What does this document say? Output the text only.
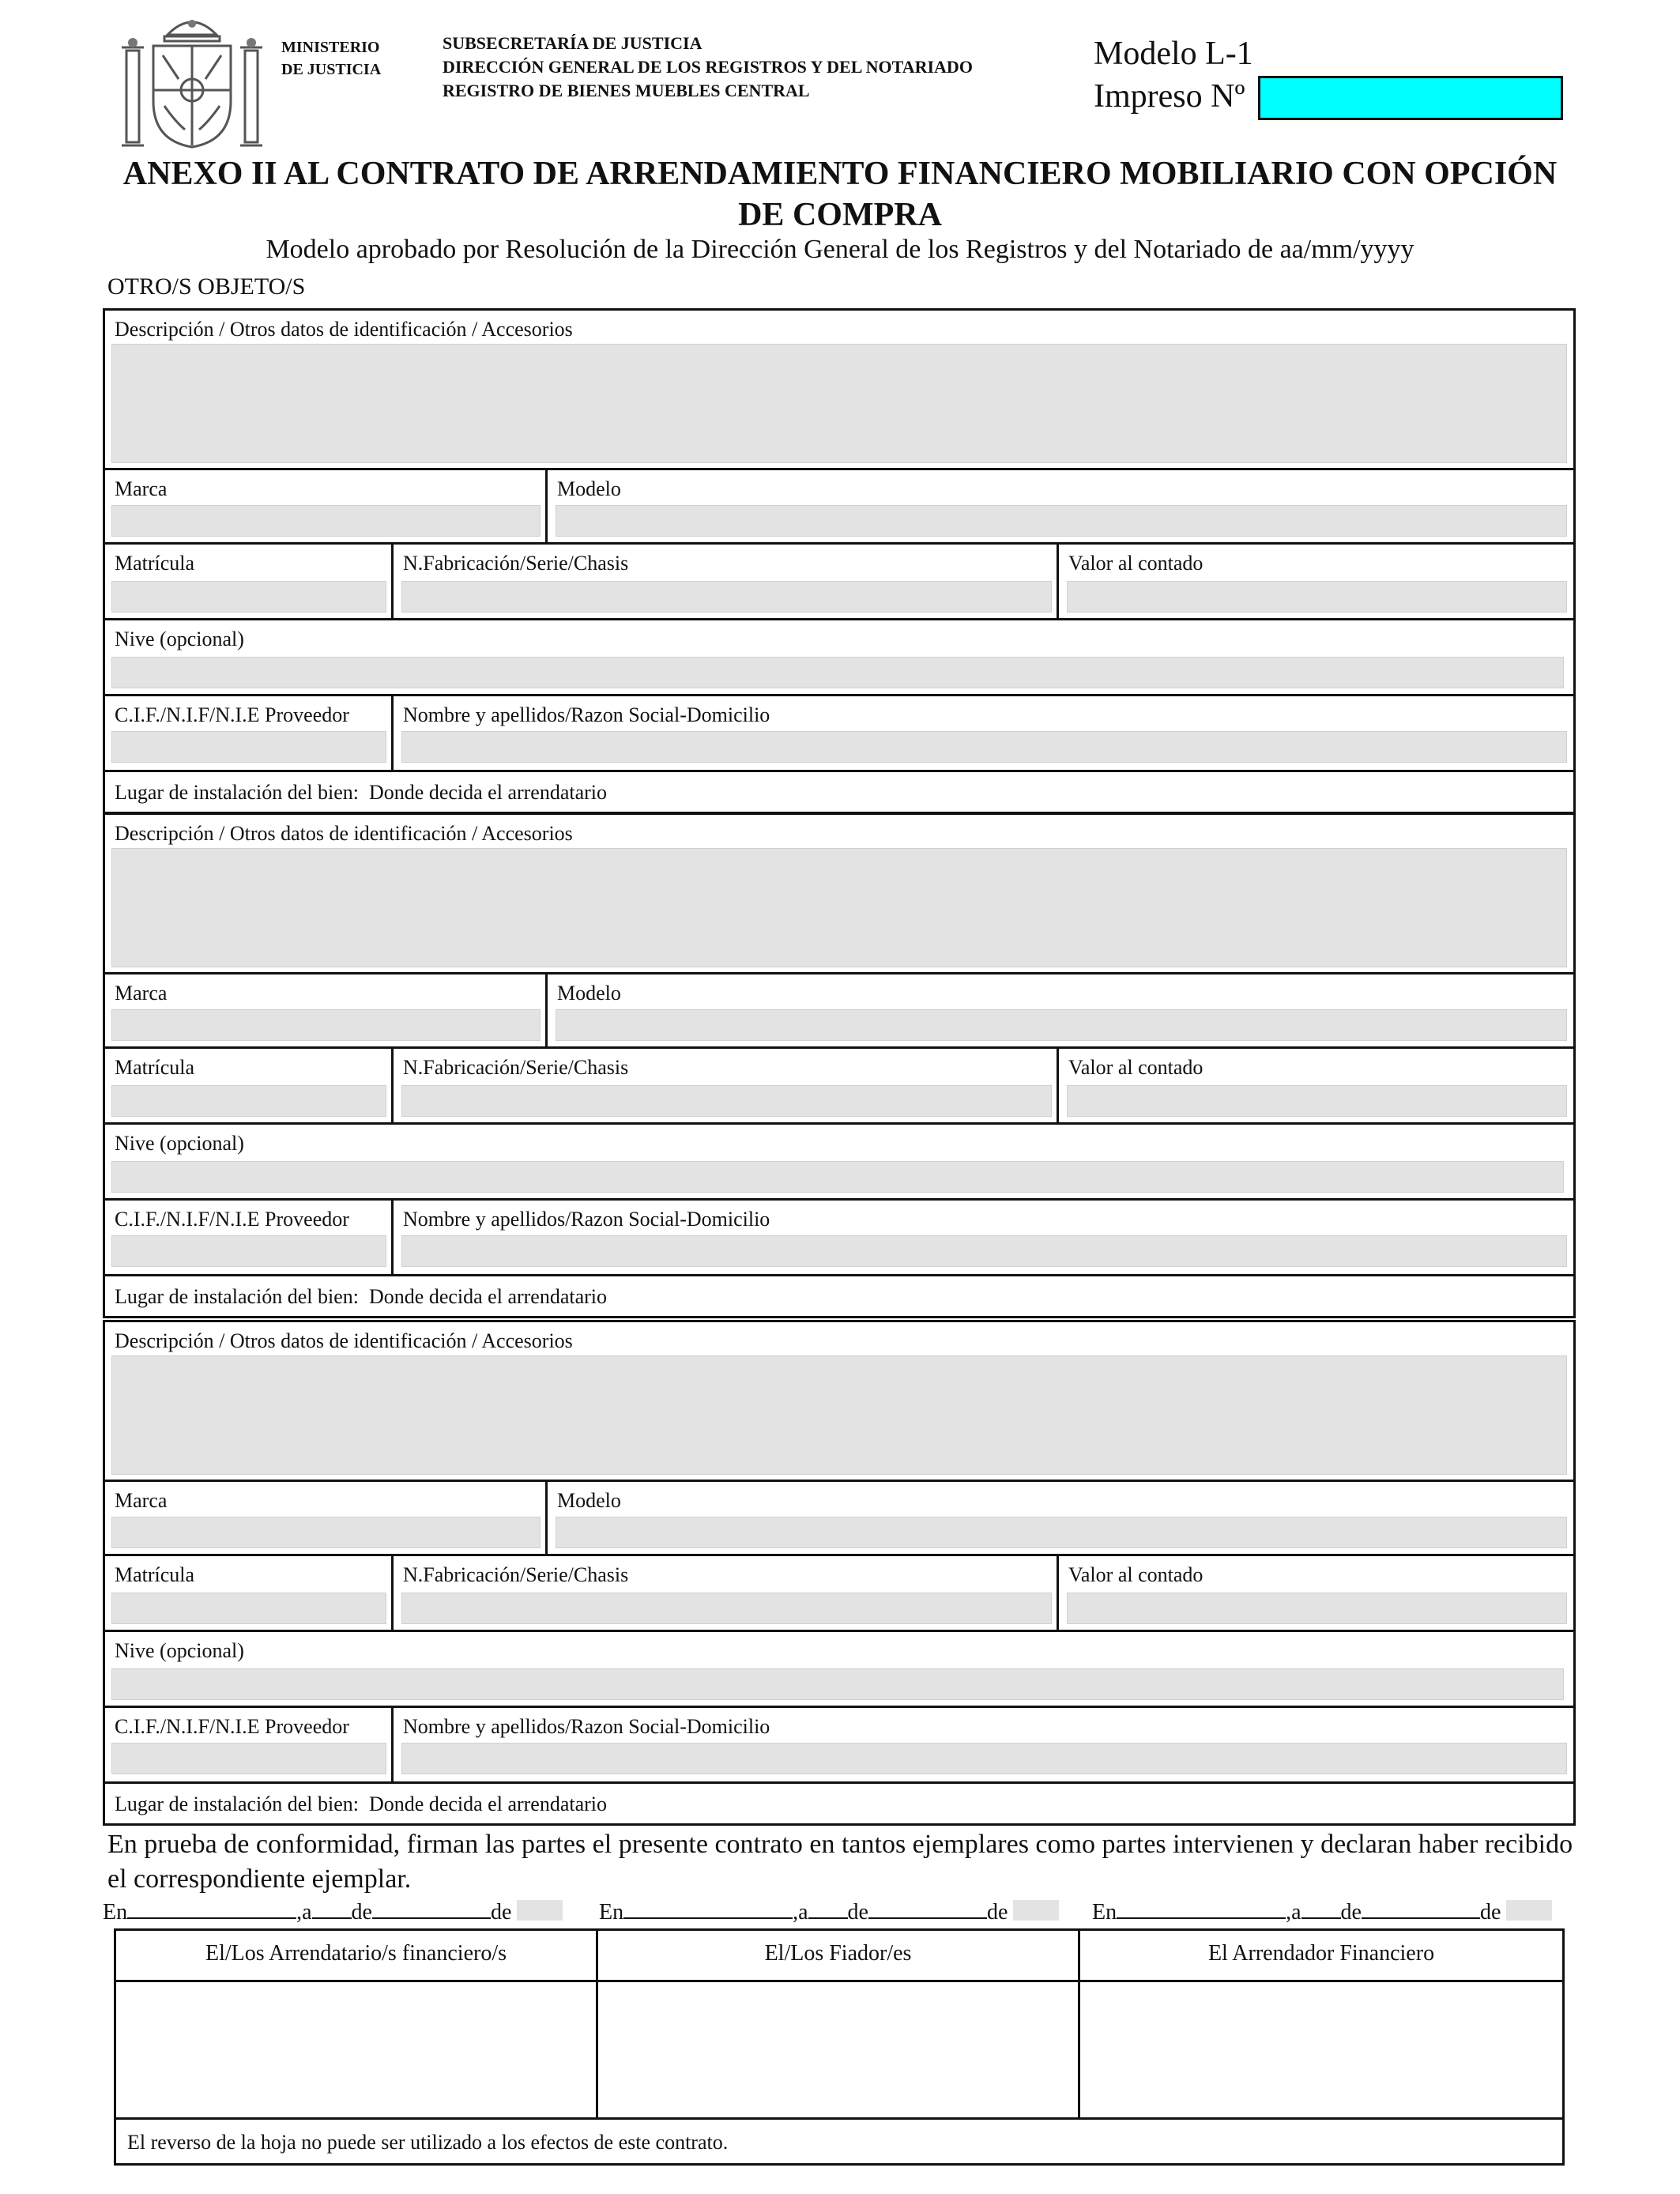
MINISTERIO
DE JUSTICIA
SUBSECRETARÍA DE JUSTICIA
DIRECCIÓN GENERAL DE LOS REGISTROS Y DEL NOTARIADO
REGISTRO DE BIENES MUEBLES CENTRAL
Modelo L-1
Impreso Nº
ANEXO II AL CONTRATO DE ARRENDAMIENTO FINANCIERO MOBILIARIO CON OPCIÓN
DE COMPRA
Modelo aprobado por Resolución de la Dirección General de los Registros y del Notariado de aa/mm/yyyy
OTRO/S OBJETO/S
Descripción / Otros datos de identificación / Accesorios
Marca	Modelo
Matrícula	N.Fabricación/Serie/Chasis	Valor al contado
Nive (opcional)
C.I.F./N.I.F/N.I.E Proveedor	Nombre y apellidos/Razon Social-Domicilio
Lugar de instalación del bien: Donde decida el arrendatario
Descripción / Otros datos de identificación / Accesorios
Marca	Modelo
Matrícula	N.Fabricación/Serie/Chasis	Valor al contado
Nive (opcional)
C.I.F./N.I.F/N.I.E Proveedor	Nombre y apellidos/Razon Social-Domicilio
Lugar de instalación del bien: Donde decida el arrendatario
Descripción / Otros datos de identificación / Accesorios
Marca	Modelo
Matrícula	N.Fabricación/Serie/Chasis	Valor al contado
Nive (opcional)
C.I.F./N.I.F/N.I.E Proveedor	Nombre y apellidos/Razon Social-Domicilio
Lugar de instalación del bien: Donde decida el arrendatario
En prueba de conformidad, firman las partes el presente contrato en tantos ejemplares como partes intervienen y declaran haber recibido el correspondiente ejemplar.
En	,a de	de	En	,a de	de	En	,a de	de
El/Los Arrendatario/s financiero/s	El/Los Fiador/es	El Arrendador Financiero
El reverso de la hoja no puede ser utilizado a los efectos de este contrato.
